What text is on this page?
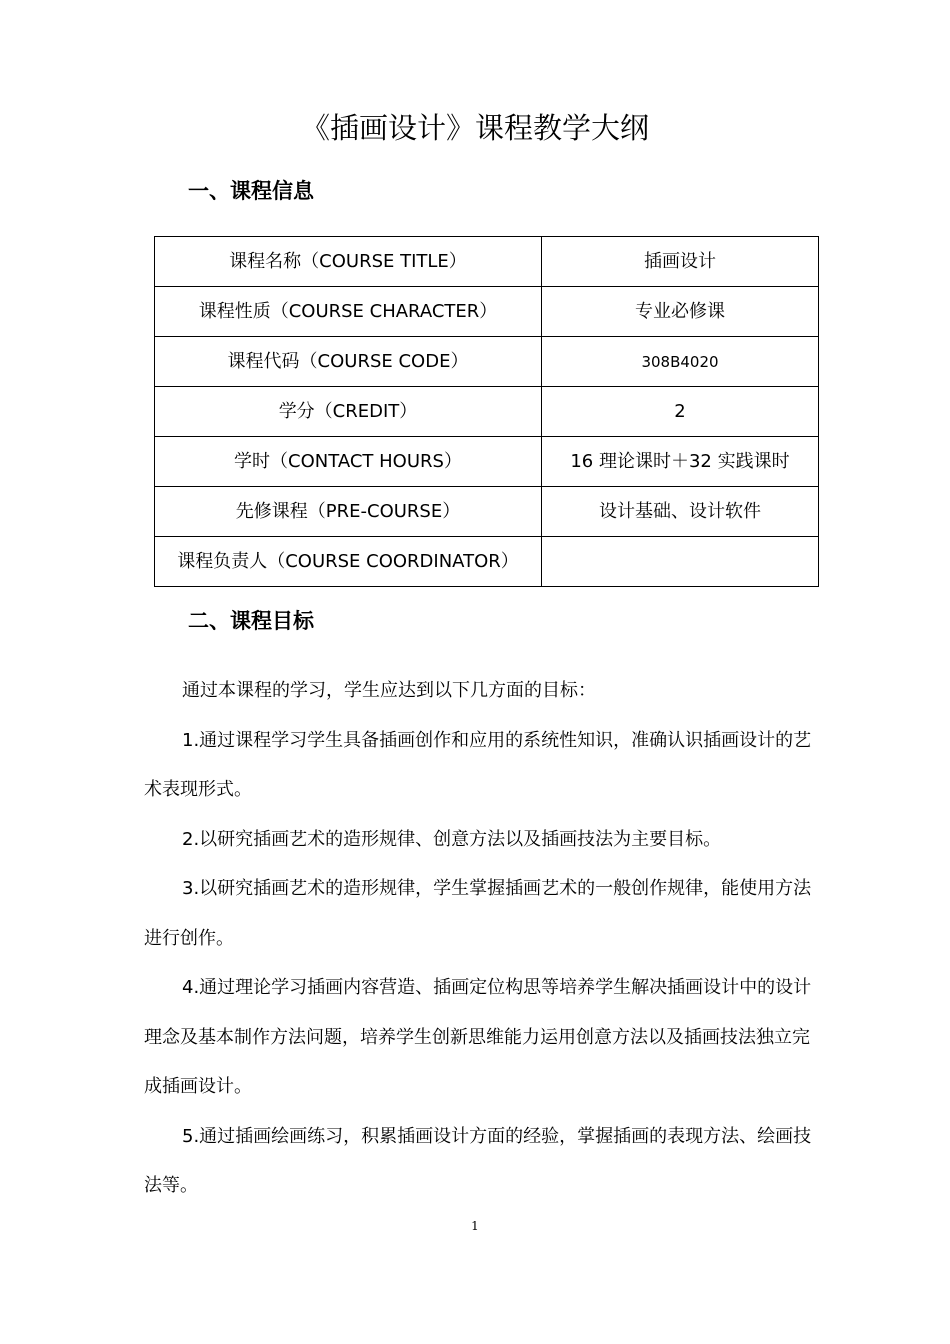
《插画设计》课程教学大纲
一、课程信息
课程名称（COURSE TITLE）	插画设计
课程性质（COURSE CHARACTER）	专业必修课
课程代码（COURSE CODE）	308B4020
学分（CREDIT）	2
学时（CONTACT HOURS）	16 理论课时＋32 实践课时
先修课程（PRE-COURSE）	设计基础、设计软件
课程负责人（COURSE COORDINATOR）	
二、课程目标

通过本课程的学习，学生应达到以下几方面的目标：

1.通过课程学习学生具备插画创作和应用的系统性知识，准确认识插画设计的艺术表现形式。

2.以研究插画艺术的造形规律、创意方法以及插画技法为主要目标。

3.以研究插画艺术的造形规律，学生掌握插画艺术的一般创作规律，能使用方法进行创作。

4.通过理论学习插画内容营造、插画定位构思等培养学生解决插画设计中的设计理念及基本制作方法问题，培养学生创新思维能力运用创意方法以及插画技法独立完成插画设计。

5.通过插画绘画练习，积累插画设计方面的经验，掌握插画的表现方法、绘画技法等。

1
